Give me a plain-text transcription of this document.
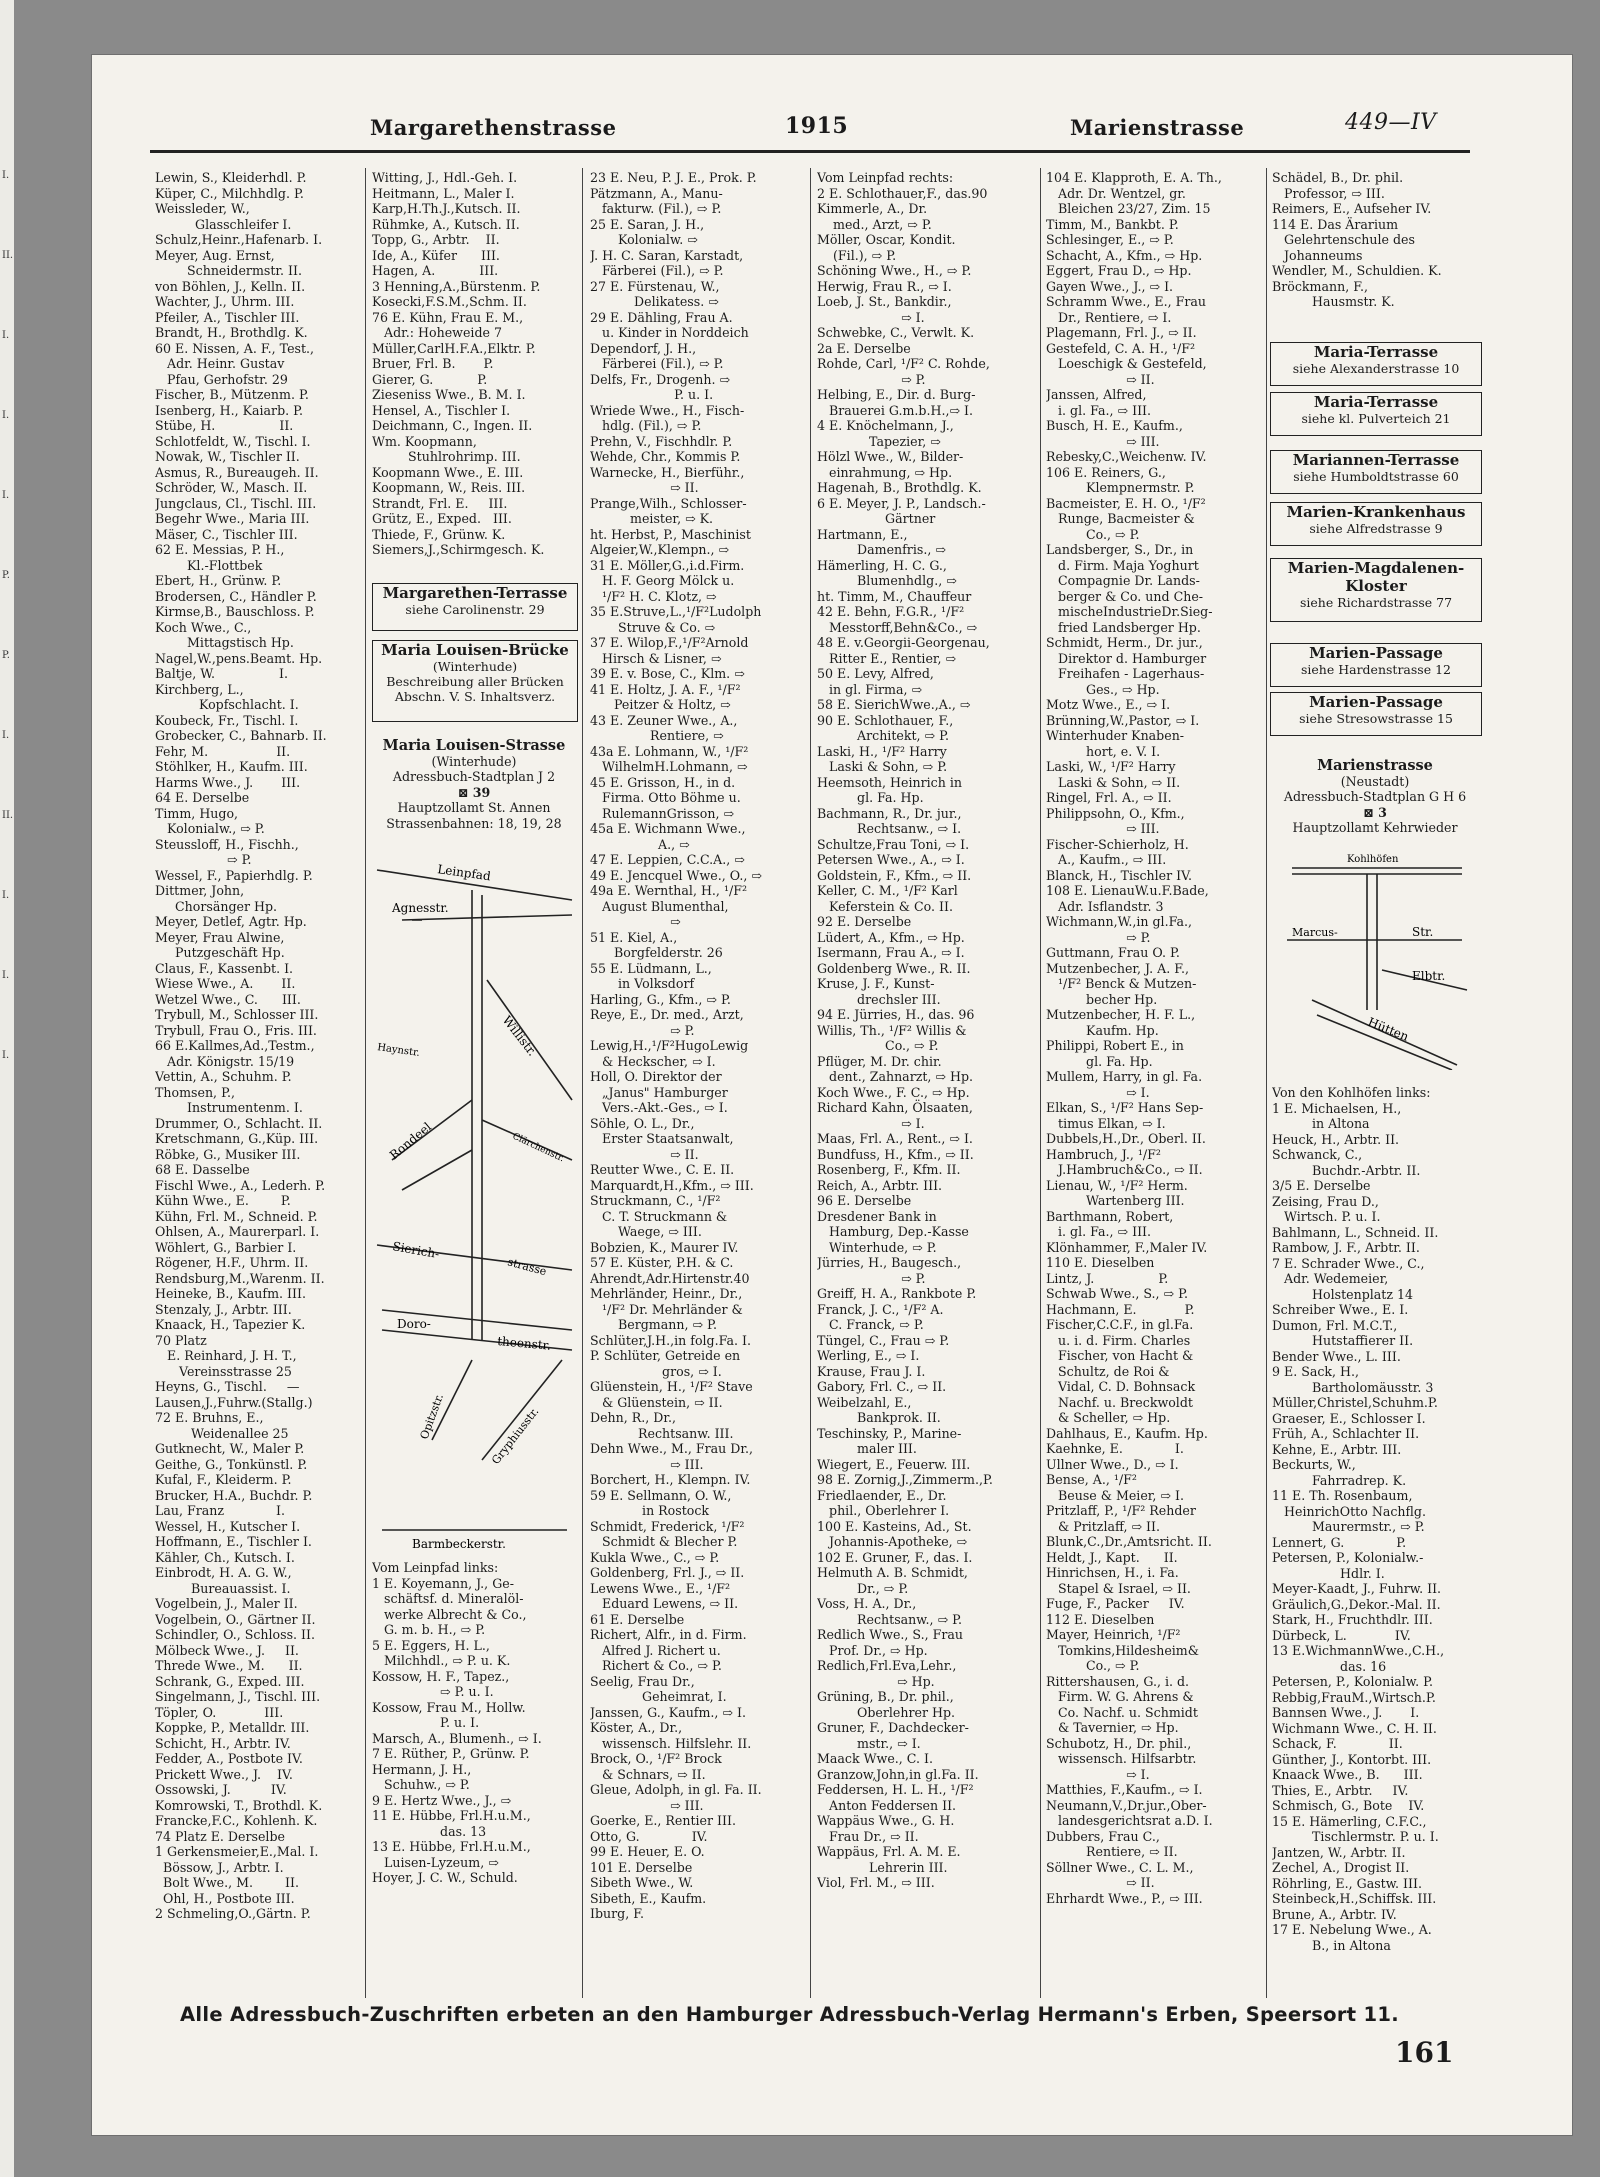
I.
II.
I.
I.
I.
P.
P.
I.
II.
I.
I.
I.
Margarethenstrasse	1915	Marienstrasse	449—IV
Lewin, S., Kleiderhdl. P.
Küper, C., Milchhdlg. P.
Weissleder, W.,
Glasschleifer I.
Schulz,Heinr.,Hafenarb. I.
Meyer, Aug. Ernst,
Schneidermstr. II.
von Böhlen, J., Kelln. II.
Wachter, J., Uhrm. III.
Pfeiler, A., Tischler III.
Brandt, H., Brothdlg. K.
60 E. Nissen, A. F., Test.,
Adr. Heinr. Gustav
Pfau, Gerhofstr. 29
Fischer, B., Mützenm. P.
Isenberg, H., Kaiarb. P.
Stübe, H.                II.
Schlotfeldt, W., Tischl. I.
Nowak, W., Tischler II.
Asmus, R., Bureaugeh. II.
Schröder, W., Masch. II.
Jungclaus, Cl., Tischl. III.
Begehr Wwe., Maria III.
Mäser, C., Tischler III.
62 E. Messias, P. H.,
Kl.-Flottbek
Ebert, H., Grünw. P.
Brodersen, C., Händler P.
Kirmse,B., Bauschloss. P.
Koch Wwe., C.,
Mittagstisch Hp.
Nagel,W.,pens.Beamt. Hp.
Baltje, W.                I.
Kirchberg, L.,
Kopfschlacht. I.
Koubeck, Fr., Tischl. I.
Grobecker, C., Bahnarb. II.
Fehr, M.                 II.
Stöhlker, H., Kaufm. III.
Harms Wwe., J.       III.
64 E. Derselbe
Timm, Hugo,
Kolonialw., ⇨ P.
Steussloff, H., Fischh.,
⇨ P.
Wessel, F., Papierhdlg. P.
Dittmer, John,
Chorsänger Hp.
Meyer, Detlef, Agtr. Hp.
Meyer, Frau Alwine,
Putzgeschäft Hp.
Claus, F., Kassenbt. I.
Wiese Wwe., A.       II.
Wetzel Wwe., C.      III.
Trybull, M., Schlosser III.
Trybull, Frau O., Fris. III.
66 E.Kallmes,Ad.,Testm.,
Adr. Königstr. 15/19
Vettin, A., Schuhm. P.
Thomsen, P.,
Instrumentenm. I.
Drummer, O., Schlacht. II.
Kretschmann, G.,Küp. III.
Röbke, G., Musiker III.
68 E. Dasselbe
Fischl Wwe., A., Lederh. P.
Kühn Wwe., E.        P.
Kühn, Frl. M., Schneid. P.
Ohlsen, A., Maurerparl. I.
Wöhlert, G., Barbier I.
Rögener, H.F., Uhrm. II.
Rendsburg,M.,Warenm. II.
Heineke, B., Kaufm. III.
Stenzaly, J., Arbtr. III.
Knaack, H., Tapezier K.
70 Platz
E. Reinhard, J. H. T.,
Vereinsstrasse 25
Heyns, G., Tischl.     —
Lausen,J.,Fuhrw.(Stallg.)
72 E. Bruhns, E.,
Weidenallee 25
Gutknecht, W., Maler P.
Geithe, G., Tonkünstl. P.
Kufal, F., Kleiderm. P.
Brucker, H.A., Buchdr. P.
Lau, Franz             I.
Wessel, H., Kutscher I.
Hoffmann, E., Tischler I.
Kähler, Ch., Kutsch. I.
Einbrodt, H. A. G. W.,
Bureauassist. I.
Vogelbein, J., Maler II.
Vogelbein, O., Gärtner II.
Schindler, O., Schloss. II.
Mölbeck Wwe., J.     II.
Threde Wwe., M.      II.
Schrank, G., Exped. III.
Singelmann, J., Tischl. III.
Töpler, O.            III.
Koppke, P., Metalldr. III.
Schicht, H., Arbtr. IV.
Fedder, A., Postbote IV.
Prickett Wwe., J.    IV.
Ossowski, J.          IV.
Komrowski, T., Brothdl. K.
Francke,F.C., Kohlenh. K.
74 Platz E. Derselbe
1 Gerkensmeier,E.,Mal. I.
Bössow, J., Arbtr. I.
Bolt Wwe., M.        II.
Ohl, H., Postbote III.
2 Schmeling,O.,Gärtn. P.
Witting, J., Hdl.-Geh. I.
Heitmann, L., Maler I.
Karp,H.Th.J.,Kutsch. II.
Rühmke, A., Kutsch. II.
Topp, G., Arbtr.    II.
Ide, A., Küfer      III.
Hagen, A.           III.
3 Henning,A.,Bürstenm. P.
Kosecki,F.S.M.,Schm. II.
76 E. Kühn, Frau E. M.,
Adr.: Hoheweide 7
Müller,CarlH.F.A.,Elktr. P.
Bruer, Frl. B.       P.
Gierer, G.           P.
Zieseniss Wwe., B. M. I.
Hensel, A., Tischler I.
Deichmann, C., Ingen. II.
Wm. Koopmann,
Stuhlrohrimp. III.
Koopmann Wwe., E. III.
Koopmann, W., Reis. III.
Strandt, Frl. E.     III.
Grütz, E., Exped.   III.
Thiede, F., Grünw. K.
Siemers,J.,Schirmgesch. K.
Margarethen-Terrasse
siehe Carolinenstr. 29
Maria Louisen-Brücke
(Winterhude)
Beschreibung aller Brücken
Abschn. V. S. Inhaltsverz.
Maria Louisen-Strasse
(Winterhude)
Adressbuch-Stadtplan J 2
⊠ 39
Hauptzollamt St. Annen
Strassenbahnen: 18, 19, 28
Leinpfad
Agnesstr.
Haynstr.	Willistr.
Rondeel	Clärchenstr.
Sierich-
strasse
Doro-
theenstr.
Opitzstr.	Gryphiusstr.
Barmbeckerstr.
Vom Leinpfad links:
1 E. Koyemann, J., Ge-
schäftsf. d. Mineralöl-
werke Albrecht & Co.,
G. m. b. H., ⇨ P.
5 E. Eggers, H. L.,
Milchhdl., ⇨ P. u. K.
Kossow, H. F., Tapez.,
⇨ P. u. I.
Kossow, Frau M., Hollw.
P. u. I.
Marsch, A., Blumenh., ⇨ I.
7 E. Rüther, P., Grünw. P.
Hermann, J. H.,
Schuhw., ⇨ P.
9 E. Hertz Wwe., J., ⇨
11 E. Hübbe, Frl.H.u.M.,
das. 13
13 E. Hübbe, Frl.H.u.M.,
Luisen-Lyzeum, ⇨
Hoyer, J. C. W., Schuld.
23 E. Neu, P. J. E., Prok. P.
Pätzmann, A., Manu-
fakturw. (Fil.), ⇨ P.
25 E. Saran, J. H.,
Kolonialw. ⇨
J. H. C. Saran, Karstadt,
Färberei (Fil.), ⇨ P.
27 E. Fürstenau, W.,
Delikatess. ⇨
29 E. Dähling, Frau A.
u. Kinder in Norddeich
Dependorf, J. H.,
Färberei (Fil.), ⇨ P.
Delfs, Fr., Drogenh. ⇨
P. u. I.
Wriede Wwe., H., Fisch-
hdlg. (Fil.), ⇨ P.
Prehn, V., Fischhdlr. P.
Wehde, Chr., Kommis P.
Warnecke, H., Bierführ.,
⇨ II.
Prange,Wilh., Schlosser-
meister, ⇨ K.
ht. Herbst, P., Maschinist
Algeier,W.,Klempn., ⇨
31 E. Möller,G.,i.d.Firm.
H. F. Georg Mölck u.
¹/F² H. C. Klotz, ⇨
35 E.Struve,L.,¹/F²Ludolph
Struve & Co. ⇨
37 E. Wilop,F.,¹/F²Arnold
Hirsch & Lisner, ⇨
39 E. v. Bose, C., Klm. ⇨
41 E. Holtz, J. A. F., ¹/F²
Peitzer & Holtz, ⇨
43 E. Zeuner Wwe., A.,
Rentiere, ⇨
43a E. Lohmann, W., ¹/F²
WilhelmH.Lohmann, ⇨
45 E. Grisson, H., in d.
Firma. Otto Böhme u.
RulemannGrisson, ⇨
45a E. Wichmann Wwe.,
A., ⇨
47 E. Leppien, C.C.A., ⇨
49 E. Jencquel Wwe., O., ⇨
49a E. Wernthal, H., ¹/F²
August Blumenthal,
⇨
51 E. Kiel, A.,
Borgfelderstr. 26
55 E. Lüdmann, L.,
in Volksdorf
Harling, G., Kfm., ⇨ P.
Reye, E., Dr. med., Arzt,
⇨ P.
Lewig,H.,¹/F²HugoLewig
& Heckscher, ⇨ I.
Holl, O. Direktor der
„Janus" Hamburger
Vers.-Akt.-Ges., ⇨ I.
Söhle, O. L., Dr.,
Erster Staatsanwalt,
⇨ II.
Reutter Wwe., C. E. II.
Marquardt,H.,Kfm., ⇨ III.
Struckmann, C., ¹/F²
C. T. Struckmann &
Waege, ⇨ III.
Bobzien, K., Maurer IV.
57 E. Küster, P.H. & C.
Ahrendt,Adr.Hirtenstr.40
Mehrländer, Heinr., Dr.,
¹/F² Dr. Mehrländer &
Bergmann, ⇨ P.
Schlüter,J.H.,in folg.Fa. I.
P. Schlüter, Getreide en
gros, ⇨ I.
Glüenstein, H., ¹/F² Stave
& Glüenstein, ⇨ II.
Dehn, R., Dr.,
Rechtsanw. III.
Dehn Wwe., M., Frau Dr.,
⇨ III.
Borchert, H., Klempn. IV.
59 E. Sellmann, O. W.,
in Rostock
Schmidt, Frederick, ¹/F²
Schmidt & Blecher P.
Kukla Wwe., C., ⇨ P.
Goldenberg, Frl. J., ⇨ II.
Lewens Wwe., E., ¹/F²
Eduard Lewens, ⇨ II.
61 E. Derselbe
Richert, Alfr., in d. Firm.
Alfred J. Richert u.
Richert & Co., ⇨ P.
Seelig, Frau Dr.,
Geheimrat, I.
Janssen, G., Kaufm., ⇨ I.
Köster, A., Dr.,
wissensch. Hilfslehr. II.
Brock, O., ¹/F² Brock
& Schnars, ⇨ II.
Gleue, Adolph, in gl. Fa. II.
⇨ III.
Goerke, E., Rentier III.
Otto, G.             IV.
99 E. Heuer, E. O.
101 E. Derselbe
Sibeth Wwe., W.
Sibeth, E., Kaufm.
Iburg, F.
Vom Leinpfad rechts:
2 E. Schlothauer,F., das.90
Kimmerle, A., Dr.
med., Arzt, ⇨ P.
Möller, Oscar, Kondit.
(Fil.), ⇨ P.
Schöning Wwe., H., ⇨ P.
Herwig, Frau R., ⇨ I.
Loeb, J. St., Bankdir.,
⇨ I.
Schwebke, C., Verwlt. K.
2a E. Derselbe
Rohde, Carl, ¹/F² C. Rohde,
⇨ P.
Helbing, E., Dir. d. Burg-
Brauerei G.m.b.H.,⇨ I.
4 E. Knöchelmann, J.,
Tapezier, ⇨
Hölzl Wwe., W., Bilder-
einrahmung, ⇨ Hp.
Hagenah, B., Brothdlg. K.
6 E. Meyer, J. P., Landsch.-
Gärtner
Hartmann, E.,
Damenfris., ⇨
Hämerling, H. C. G.,
Blumenhdlg., ⇨
ht. Timm, M., Chauffeur
42 E. Behn, F.G.R., ¹/F²
Messtorff,Behn&Co., ⇨
48 E. v.Georgii-Georgenau,
Ritter E., Rentier, ⇨
50 E. Levy, Alfred,
in gl. Firma, ⇨
58 E. SierichWwe.,A., ⇨
90 E. Schlothauer, F.,
Architekt, ⇨ P.
Laski, H., ¹/F² Harry
Laski & Sohn, ⇨ P.
Heemsoth, Heinrich in
gl. Fa. Hp.
Bachmann, R., Dr. jur.,
Rechtsanw., ⇨ I.
Schultze,Frau Toni, ⇨ I.
Petersen Wwe., A., ⇨ I.
Goldstein, F., Kfm., ⇨ II.
Keller, C. M., ¹/F² Karl
Keferstein & Co. II.
92 E. Derselbe
Lüdert, A., Kfm., ⇨ Hp.
Isermann, Frau A., ⇨ I.
Goldenberg Wwe., R. II.
Kruse, J. F., Kunst-
drechsler III.
94 E. Jürries, H., das. 96
Willis, Th., ¹/F² Willis &
Co., ⇨ P.
Pflüger, M. Dr. chir.
dent., Zahnarzt, ⇨ Hp.
Koch Wwe., F. C., ⇨ Hp.
Richard Kahn, Ölsaaten,
⇨ I.
Maas, Frl. A., Rent., ⇨ I.
Bundfuss, H., Kfm., ⇨ II.
Rosenberg, F., Kfm. II.
Reich, A., Arbtr. III.
96 E. Derselbe
Dresdener Bank in
Hamburg, Dep.-Kasse
Winterhude, ⇨ P.
Jürries, H., Baugesch.,
⇨ P.
Greiff, H. A., Rankbote P.
Franck, J. C., ¹/F² A.
C. Franck, ⇨ P.
Tüngel, C., Frau ⇨ P.
Werling, E., ⇨ I.
Krause, Frau J. I.
Gabory, Frl. C., ⇨ II.
Weibelzahl, E.,
Bankprok. II.
Teschinsky, P., Marine-
maler III.
Wiegert, E., Feuerw. III.
98 E. Zornig,J.,Zimmerm.,P.
Friedlaender, E., Dr.
phil., Oberlehrer I.
100 E. Kasteins, Ad., St.
Johannis-Apotheke, ⇨
102 E. Gruner, F., das. I.
Helmuth A. B. Schmidt,
Dr., ⇨ P.
Voss, H. A., Dr.,
Rechtsanw., ⇨ P.
Redlich Wwe., S., Frau
Prof. Dr., ⇨ Hp.
Redlich,Frl.Eva,Lehr.,
⇨ Hp.
Grüning, B., Dr. phil.,
Oberlehrer Hp.
Gruner, F., Dachdecker-
mstr., ⇨ I.
Maack Wwe., C. I.
Granzow,John,in gl.Fa. II.
Feddersen, H. L. H., ¹/F²
Anton Feddersen II.
Wappäus Wwe., G. H.
Frau Dr., ⇨ II.
Wappäus, Frl. A. M. E.
Lehrerin III.
Viol, Frl. M., ⇨ III.
104 E. Klapproth, E. A. Th.,
Adr. Dr. Wentzel, gr.
Bleichen 23/27, Zim. 15
Timm, M., Bankbt. P.
Schlesinger, E., ⇨ P.
Schacht, A., Kfm., ⇨ Hp.
Eggert, Frau D., ⇨ Hp.
Gayen Wwe., J., ⇨ I.
Schramm Wwe., E., Frau
Dr., Rentiere, ⇨ I.
Plagemann, Frl. J., ⇨ II.
Gestefeld, C. A. H., ¹/F²
Loeschigk & Gestefeld,
⇨ II.
Janssen, Alfred,
i. gl. Fa., ⇨ III.
Busch, H. E., Kaufm.,
⇨ III.
Rebesky,C.,Weichenw. IV.
106 E. Reiners, G.,
Klempnermstr. P.
Bacmeister, E. H. O., ¹/F²
Runge, Bacmeister &
Co., ⇨ P.
Landsberger, S., Dr., in
d. Firm. Maja Yoghurt
Compagnie Dr. Lands-
berger & Co. und Che-
mischeIndustrieDr.Sieg-
fried Landsberger Hp.
Schmidt, Herm., Dr. jur.,
Direktor d. Hamburger
Freihafen - Lagerhaus-
Ges., ⇨ Hp.
Motz Wwe., E., ⇨ I.
Brünning,W.,Pastor, ⇨ I.
Winterhuder Knaben-
hort, e. V. I.
Laski, W., ¹/F² Harry
Laski & Sohn, ⇨ II.
Ringel, Frl. A., ⇨ II.
Philippsohn, O., Kfm.,
⇨ III.
Fischer-Schierholz, H.
A., Kaufm., ⇨ III.
Blanck, H., Tischler IV.
108 E. LienauW.u.F.Bade,
Adr. Isflandstr. 3
Wichmann,W.,in gl.Fa.,
⇨ P.
Guttmann, Frau O. P.
Mutzenbecher, J. A. F.,
¹/F² Benck & Mutzen-
becher Hp.
Mutzenbecher, H. F. L.,
Kaufm. Hp.
Philippi, Robert E., in
gl. Fa. Hp.
Mullem, Harry, in gl. Fa.
⇨ I.
Elkan, S., ¹/F² Hans Sep-
timus Elkan, ⇨ I.
Dubbels,H.,Dr., Oberl. II.
Hambruch, J., ¹/F²
J.Hambruch&Co., ⇨ II.
Lienau, W., ¹/F² Herm.
Wartenberg III.
Barthmann, Robert,
i. gl. Fa., ⇨ III.
Klönhammer, F.,Maler IV.
110 E. Dieselben
Lintz, J.                P.
Schwab Wwe., S., ⇨ P.
Hachmann, E.            P.
Fischer,C.C.F., in gl.Fa.
u. i. d. Firm. Charles
Fischer, von Hacht &
Schultz, de Roi &
Vidal, C. D. Bohnsack
Nachf. u. Breckwoldt
& Scheller, ⇨ Hp.
Dahlhaus, E., Kaufm. Hp.
Kaehnke, E.             I.
Ullner Wwe., D., ⇨ I.
Bense, A., ¹/F²
Beuse & Meier, ⇨ I.
Pritzlaff, P., ¹/F² Rehder
& Pritzlaff, ⇨ II.
Blunk,C.,Dr.,Amtsricht. II.
Heldt, J., Kapt.      II.
Hinrichsen, H., i. Fa.
Stapel & Israel, ⇨ II.
Fuge, F., Packer     IV.
112 E. Dieselben
Mayer, Heinrich, ¹/F²
Tomkins,Hildesheim&
Co., ⇨ P.
Rittershausen, G., i. d.
Firm. W. G. Ahrens &
Co. Nachf. u. Schmidt
& Tavernier, ⇨ Hp.
Schubotz, H., Dr. phil.,
wissensch. Hilfsarbtr.
⇨ I.
Matthies, F.,Kaufm., ⇨ I.
Neumann,V.,Dr.jur.,Ober-
landesgerichtsrat a.D. I.
Dubbers, Frau C.,
Rentiere, ⇨ II.
Söllner Wwe., C. L. M.,
⇨ II.
Ehrhardt Wwe., P., ⇨ III.
Schädel, B., Dr. phil.
Professor, ⇨ III.
Reimers, E., Aufseher IV.
114 E. Das Ärarium
Gelehrtenschule des
Johanneums
Wendler, M., Schuldien. K.
Bröckmann, F.,
Hausmstr. K.
Maria-Terrasse
siehe Alexanderstrasse 10
Maria-Terrasse
siehe kl. Pulverteich 21
Mariannen-Terrasse
siehe Humboldtstrasse 60
Marien-Krankenhaus
siehe Alfredstrasse 9
Marien-Magdalenen-
Kloster
siehe Richardstrasse 77
Marien-Passage
siehe Hardenstrasse 12
Marien-Passage
siehe Stresowstrasse 15
Marienstrasse
(Neustadt)
Adressbuch-Stadtplan G H 6
⊠ 3
Hauptzollamt Kehrwieder
Kohlhöfen
Marcus-	Str.
Elbtr.
Hütten
Von den Kohlhöfen links:
1 E. Michaelsen, H.,
in Altona
Heuck, H., Arbtr. II.
Schwanck, C.,
Buchdr.-Arbtr. II.
3/5 E. Derselbe
Zeising, Frau D.,
Wirtsch. P. u. I.
Bahlmann, L., Schneid. II.
Rambow, J. F., Arbtr. II.
7 E. Schrader Wwe., C.,
Adr. Wedemeier,
Holstenplatz 14
Schreiber Wwe., E. I.
Dumon, Frl. M.C.T.,
Hutstaffierer II.
Bender Wwe., L. III.
9 E. Sack, H.,
Bartholomäusstr. 3
Müller,Christel,Schuhm.P.
Graeser, E., Schlosser I.
Früh, A., Schlachter II.
Kehne, E., Arbtr. III.
Beckurts, W.,
Fahrradrep. K.
11 E. Th. Rosenbaum,
HeinrichOtto Nachflg.
Maurermstr., ⇨ P.
Lennert, G.             P.
Petersen, P., Kolonialw.-
Hdlr. I.
Meyer-Kaadt, J., Fuhrw. II.
Gräulich,G.,Dekor.-Mal. II.
Stark, H., Fruchthdlr. III.
Dürbeck, L.            IV.
13 E.WichmannWwe.,C.H.,
das. 16
Petersen, P., Kolonialw. P.
Rebbig,FrauM.,Wirtsch.P.
Bannsen Wwe., J.       I.
Wichmann Wwe., C. H. II.
Schack, F.             II.
Günther, J., Kontorbt. III.
Knaack Wwe., B.      III.
Thies, E., Arbtr.     IV.
Schmisch, G., Bote    IV.
15 E. Hämerling, C.F.C.,
Tischlermstr. P. u. I.
Jantzen, W., Arbtr. II.
Zechel, A., Drogist II.
Röhrling, E., Gastw. III.
Steinbeck,H.,Schiffsk. III.
Brune, A., Arbtr. IV.
17 E. Nebelung Wwe., A.
B., in Altona
Alle Adressbuch-Zuschriften erbeten an den Hamburger Adressbuch-Verlag Hermann's Erben, Speersort 11.
161
